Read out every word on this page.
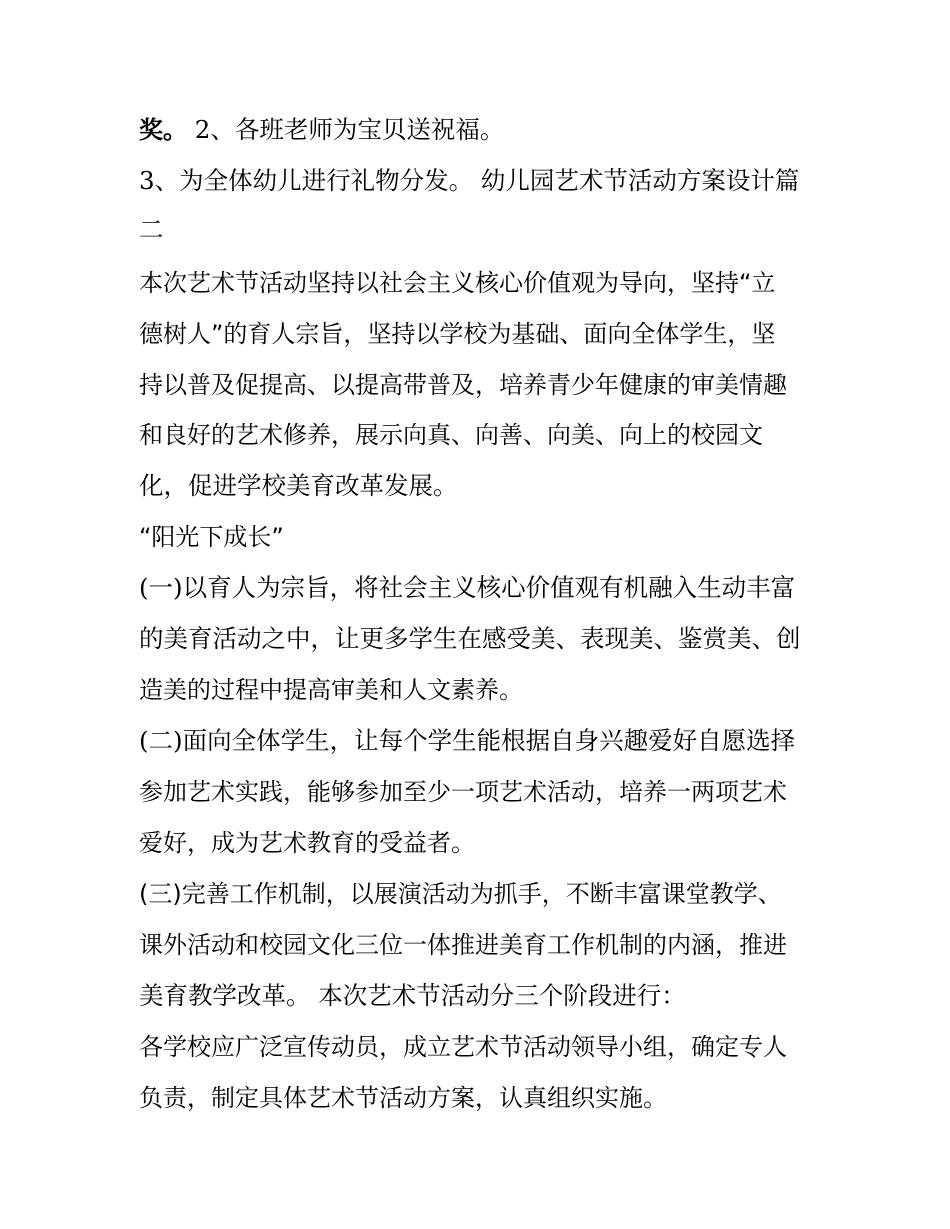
奖。 2、各班老师为宝贝送祝福。
3、为全体幼儿进行礼物分发。 幼儿园艺术节活动方案设计篇
二
本次艺术节活动坚持以社会主义核心价值观为导向，坚持“立
德树人”的育人宗旨，坚持以学校为基础、面向全体学生，坚
持以普及促提高、以提高带普及，培养青少年健康的审美情趣
和良好的艺术修养，展示向真、向善、向美、向上的校园文
化，促进学校美育改革发展。
“阳光下成长”
(一)以育人为宗旨，将社会主义核心价值观有机融入生动丰富
的美育活动之中，让更多学生在感受美、表现美、鉴赏美、创
造美的过程中提高审美和人文素养。
(二)面向全体学生，让每个学生能根据自身兴趣爱好自愿选择
参加艺术实践，能够参加至少一项艺术活动，培养一两项艺术
爱好，成为艺术教育的受益者。
(三)完善工作机制，以展演活动为抓手，不断丰富课堂教学、
课外活动和校园文化三位一体推进美育工作机制的内涵，推进
美育教学改革。 本次艺术节活动分三个阶段进行：
各学校应广泛宣传动员，成立艺术节活动领导小组，确定专人
负责，制定具体艺术节活动方案，认真组织实施。
